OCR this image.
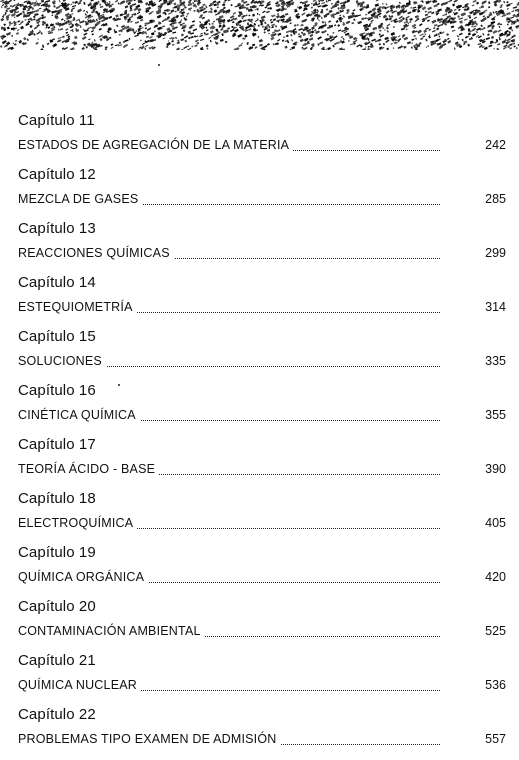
Capítulo 11
ESTADOS DE AGREGACIÓN DE LA MATERIA	242
Capítulo 12
MEZCLA DE GASES	285
Capítulo 13
REACCIONES QUÍMICAS	299
Capítulo 14
ESTEQUIOMETRÍA	314
Capítulo 15
SOLUCIONES	335
Capítulo 16
CINÉTICA QUÍMICA	355
Capítulo 17
TEORÍA ÁCIDO - BASE	390
Capítulo 18
ELECTROQUÍMICA	405
Capítulo 19
QUÍMICA ORGÁNICA	420
Capítulo 20
CONTAMINACIÓN AMBIENTAL	525
Capítulo 21
QUÍMICA NUCLEAR	536
Capítulo 22
PROBLEMAS TIPO EXAMEN DE ADMISIÓN	557
